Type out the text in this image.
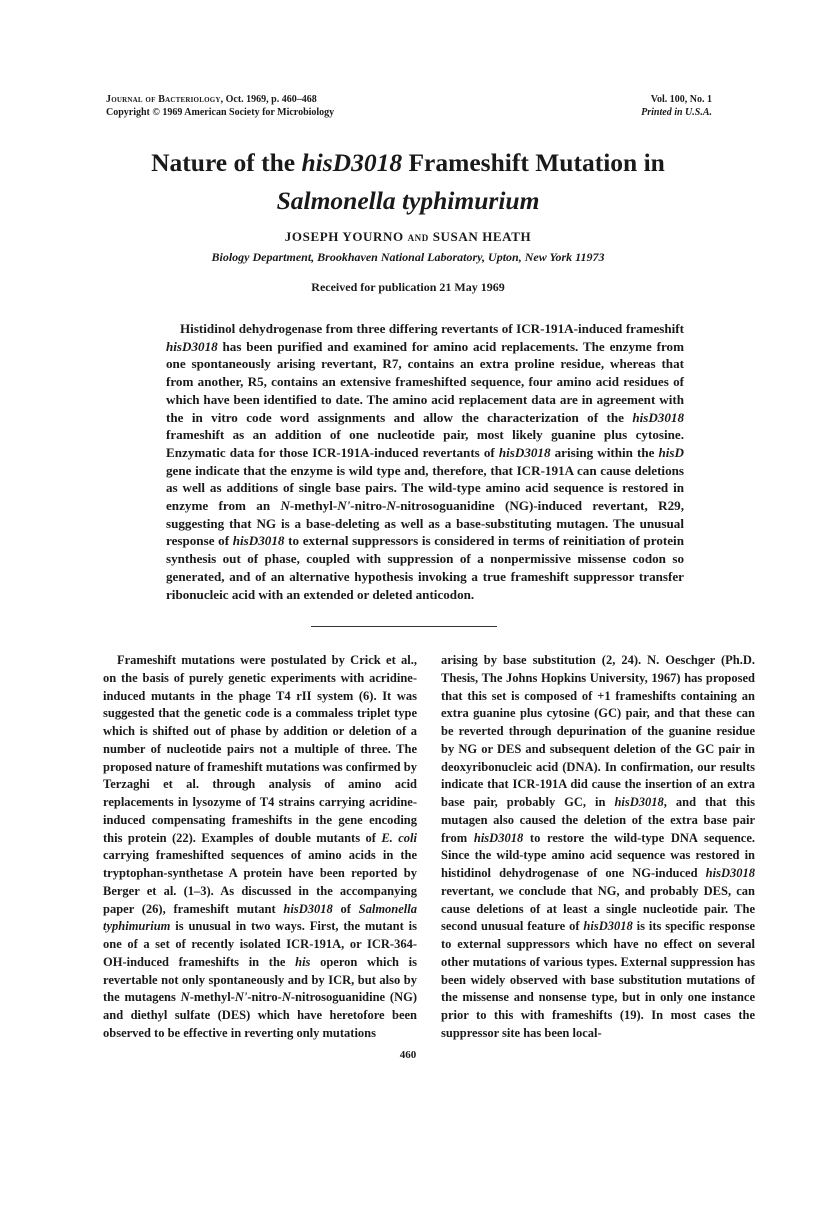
Journal of Bacteriology, Oct. 1969, p. 460–468
Copyright © 1969 American Society for Microbiology
Vol. 100, No. 1
Printed in U.S.A.
Nature of the hisD3018 Frameshift Mutation in
Salmonella typhimurium
JOSEPH YOURNO and SUSAN HEATH
Biology Department, Brookhaven National Laboratory, Upton, New York 11973
Received for publication 21 May 1969
Histidinol dehydrogenase from three differing revertants of ICR-191A-induced frameshift hisD3018 has been purified and examined for amino acid replacements. The enzyme from one spontaneously arising revertant, R7, contains an extra proline residue, whereas that from another, R5, contains an extensive frameshifted sequence, four amino acid residues of which have been identified to date. The amino acid replacement data are in agreement with the in vitro code word assignments and allow the characterization of the hisD3018 frameshift as an addition of one nucleotide pair, most likely guanine plus cytosine. Enzymatic data for those ICR-191A-induced revertants of hisD3018 arising within the hisD gene indicate that the enzyme is wild type and, therefore, that ICR-191A can cause deletions as well as additions of single base pairs. The wild-type amino acid sequence is restored in enzyme from an N-methyl-N'-nitro-N-nitrosoguanidine (NG)-induced revertant, R29, suggesting that NG is a base-deleting as well as a base-substituting mutagen. The unusual response of hisD3018 to external suppressors is considered in terms of reinitiation of protein synthesis out of phase, coupled with suppression of a nonpermissive missense codon so generated, and of an alternative hypothesis invoking a true frameshift suppressor transfer ribonucleic acid with an extended or deleted anticodon.
Frameshift mutations were postulated by Crick et al., on the basis of purely genetic experiments with acridine-induced mutants in the phage T4 rII system (6). It was suggested that the genetic code is a commaless triplet type which is shifted out of phase by addition or deletion of a number of nucleotide pairs not a multiple of three. The proposed nature of frameshift mutations was confirmed by Terzaghi et al. through analysis of amino acid replacements in lysozyme of T4 strains carrying acridine-induced compensating frameshifts in the gene encoding this protein (22). Examples of double mutants of E. coli carrying frameshifted sequences of amino acids in the tryptophan-synthetase A protein have been reported by Berger et al. (1–3). As discussed in the accompanying paper (26), frameshift mutant hisD3018 of Salmonella typhimurium is unusual in two ways. First, the mutant is one of a set of recently isolated ICR-191A, or ICR-364-OH-induced frameshifts in the his operon which is revertable not only spontaneously and by ICR, but also by the mutagens N-methyl-N'-nitro-N-nitrosoguanidine (NG) and diethyl sulfate (DES) which have heretofore been observed to be effective in reverting only mutations
arising by base substitution (2, 24). N. Oeschger (Ph.D. Thesis, The Johns Hopkins University, 1967) has proposed that this set is composed of +1 frameshifts containing an extra guanine plus cytosine (GC) pair, and that these can be reverted through depurination of the guanine residue by NG or DES and subsequent deletion of the GC pair in deoxyribonucleic acid (DNA). In confirmation, our results indicate that ICR-191A did cause the insertion of an extra base pair, probably GC, in hisD3018, and that this mutagen also caused the deletion of the extra base pair from hisD3018 to restore the wild-type DNA sequence. Since the wild-type amino acid sequence was restored in histidinol dehydrogenase of one NG-induced hisD3018 revertant, we conclude that NG, and probably DES, can cause deletions of at least a single nucleotide pair. The second unusual feature of hisD3018 is its specific response to external suppressors which have no effect on several other mutations of various types. External suppression has been widely observed with base substitution mutations of the missense and nonsense type, but in only one instance prior to this with frameshifts (19). In most cases the suppressor site has been local-
460
